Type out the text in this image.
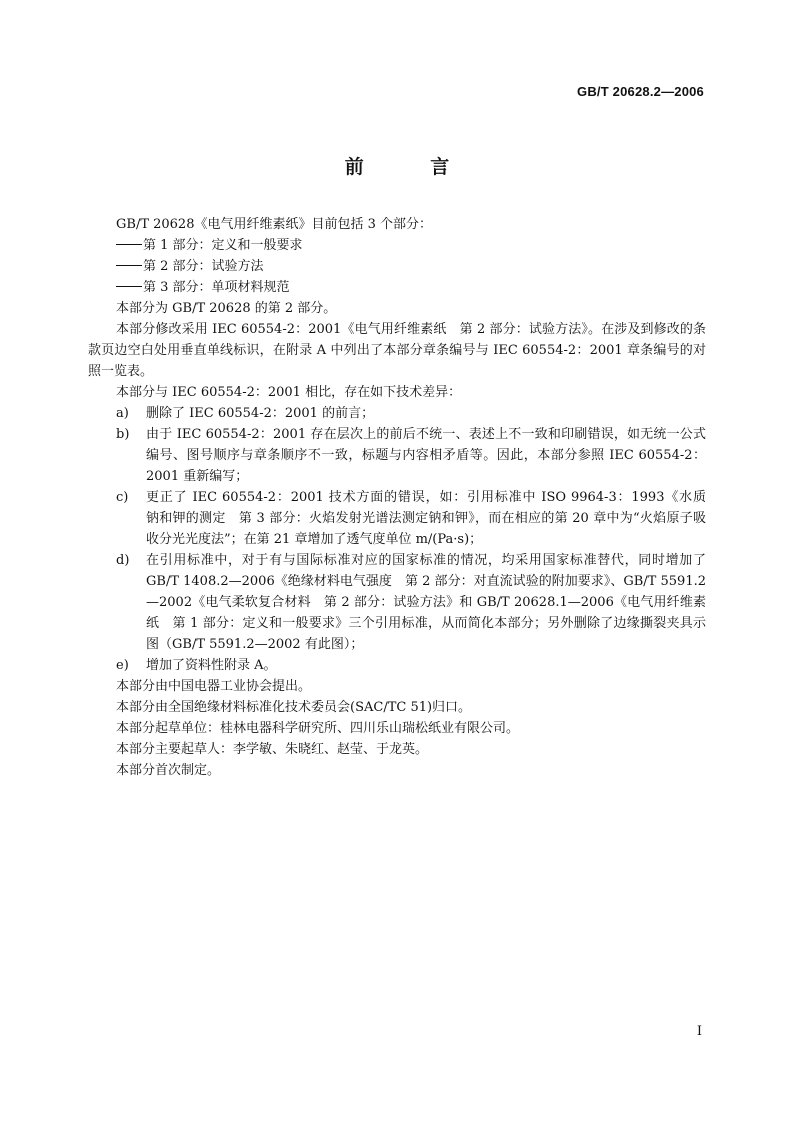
GB/T 20628.2—2006
前 言

GB/T 20628《电气用纤维素纸》目前包括 3 个部分：

第 1 部分：定义和一般要求

第 2 部分：试验方法

第 3 部分：单项材料规范

本部分为 GB/T 20628 的第 2 部分。

本部分修改采用 IEC 60554-2：2001《电气用纤维素纸　第 2 部分：试验方法》。在涉及到修改的条款页边空白处用垂直单线标识，在附录 A 中列出了本部分章条编号与 IEC 60554-2：2001 章条编号的对照一览表。

本部分与 IEC 60554-2：2001 相比，存在如下技术差异：

a)	删除了 IEC 60554-2：2001 的前言；
b)	由于 IEC 60554-2：2001 存在层次上的前后不统一、表述上不一致和印刷错误，如无统一公式编号、图号顺序与章条顺序不一致，标题与内容相矛盾等。因此，本部分参照 IEC 60554-2：2001 重新编写；
c)	更正了 IEC 60554-2：2001 技术方面的错误，如：引用标准中 ISO 9964-3：1993《水质　钠和钾的测定　第 3 部分：火焰发射光谱法测定钠和钾》，而在相应的第 20 章中为“火焰原子吸收分光光度法”；在第 21 章增加了透气度单位 m/(Pa·s)；
d)	在引用标准中，对于有与国际标准对应的国家标准的情况，均采用国家标准替代，同时增加了 GB/T 1408.2—2006《绝缘材料电气强度　第 2 部分：对直流试验的附加要求》、GB/T 5591.2—2002《电气柔软复合材料　第 2 部分：试验方法》和 GB/T 20628.1—2006《电气用纤维素纸　第 1 部分：定义和一般要求》三个引用标准，从而简化本部分；另外删除了边缘撕裂夹具示图（GB/T 5591.2—2002 有此图）；
e)	增加了资料性附录 A。

本部分由中国电器工业协会提出。

本部分由全国绝缘材料标准化技术委员会(SAC/TC 51)归口。

本部分起草单位：桂林电器科学研究所、四川乐山瑞松纸业有限公司。

本部分主要起草人：李学敏、朱晓红、赵莹、于龙英。

本部分首次制定。

I
